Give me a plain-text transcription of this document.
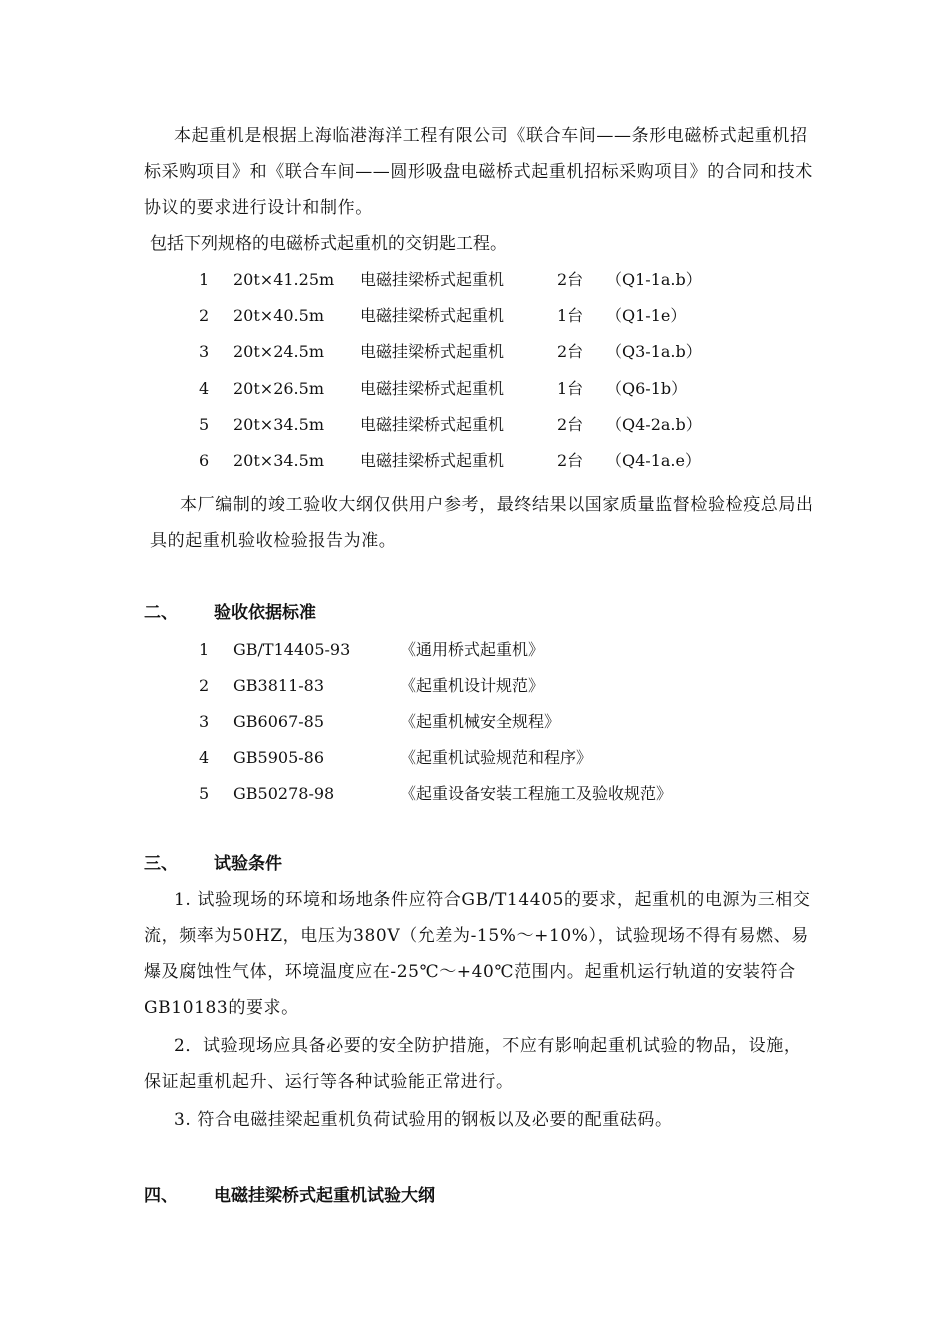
本起重机是根据上海临港海洋工程有限公司《联合车间——条形电磁桥式起重机招标采购项目》和《联合车间——圆形吸盘电磁桥式起重机招标采购项目》的合同和技术协议的要求进行设计和制作。
包括下列规格的电磁桥式起重机的交钥匙工程。
1 20t×41.25m 电磁挂梁桥式起重机	2台 （Q1-1a.b）
2 20t×40.5m 电磁挂梁桥式起重机	1台 （Q1-1e）
3 20t×24.5m 电磁挂梁桥式起重机	2台 （Q3-1a.b）
4 20t×26.5m 电磁挂梁桥式起重机	1台 （Q6-1b）
5 20t×34.5m 电磁挂梁桥式起重机	2台 （Q4-2a.b）
6 20t×34.5m 电磁挂梁桥式起重机	2台 （Q4-1a.e）
本厂编制的竣工验收大纲仅供用户参考，最终结果以国家质量监督检验检疫总局出具的起重机验收检验报告为准。
二、 验收依据标准
1 GB/T14405-93	《通用桥式起重机》
2 GB3811-83	《起重机设计规范》
3 GB6067-85	《起重机械安全规程》
4 GB5905-86	《起重机试验规范和程序》
5 GB50278-98	《起重设备安装工程施工及验收规范》
三、 试验条件
1. 试验现场的环境和场地条件应符合GB/T14405的要求，起重机的电源为三相交流，频率为50HZ，电压为380V（允差为-15%～+10%），试验现场不得有易燃、易爆及腐蚀性气体，环境温度应在-25℃～+40℃范围内。起重机运行轨道的安装符合GB10183的要求。
2．试验现场应具备必要的安全防护措施，不应有影响起重机试验的物品，设施，保证起重机起升、运行等各种试验能正常进行。
3. 符合电磁挂梁起重机负荷试验用的钢板以及必要的配重砝码。
四、 电磁挂梁桥式起重机试验大纲
